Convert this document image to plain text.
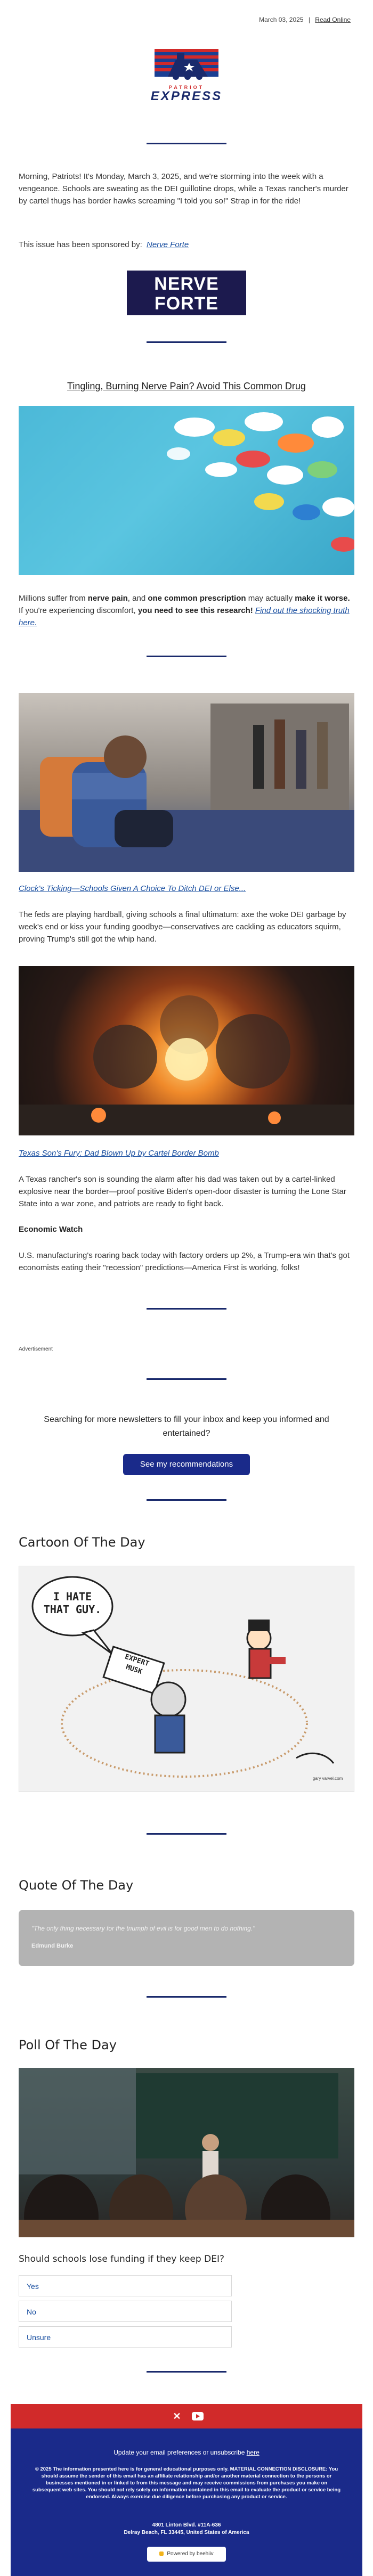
March 03, 2025 | Read Online
PATRIOT
EXPRESS

Morning, Patriots! It's Monday, March 3, 2025, and we're storming into the week with a vengeance. Schools are sweating as the DEI guillotine drops, while a Texas rancher's murder by cartel thugs has border hawks screaming "I told you so!" Strap in for the ride!

This issue has been sponsored by: Nerve Forte
NERVE
FORTE
Tingling, Burning Nerve Pain? Avoid This Common Drug

Millions suffer from nerve pain, and one common prescription may actually make it worse. If you're experiencing discomfort, you need to see this research! Find out the shocking truth here.

Clock's Ticking—Schools Given A Choice To Ditch DEI or Else...

The feds are playing hardball, giving schools a final ultimatum: axe the woke DEI garbage by week's end or kiss your funding goodbye—conservatives are cackling as educators squirm, proving Trump's still got the whip hand.

Texas Son's Fury: Dad Blown Up by Cartel Border Bomb

A Texas rancher's son is sounding the alarm after his dad was taken out by a cartel-linked explosive near the border—proof positive Biden's open-door disaster is turning the Lone Star State into a war zone, and patriots are ready to fight back.

Economic Watch

U.S. manufacturing's roaring back today with factory orders up 2%, a Trump-era win that's got economists eating their "recession" predictions—America First is working, folks!

Advertisement
Searching for more newsletters to fill your inbox and keep you informed and entertained?
See my recommendations
Cartoon Of The Day
I HATE THAT GUY.
EXPERT MUSK
gary varvel.com
Quote Of The Day
"The only thing necessary for the triumph of evil is for good men to do nothing."
Edmund Burke
Poll Of The Day
Should schools lose funding if they keep DEI?
Yes
No
Unsure
✕
Update your email preferences or unsubscribe here
© 2025 The information presented here is for general educational purposes only. MATERIAL CONNECTION DISCLOSURE: You should assume the sender of this email has an affiliate relationship and/or another material connection to the persons or businesses mentioned in or linked to from this message and may receive commissions from purchases you make on subsequent web sites. You should not rely solely on information contained in this email to evaluate the product or service being endorsed. Always exercise due diligence before purchasing any product or service.
4801 Linton Blvd. #11A-636
Delray Beach, FL 33445, United States of America
Powered by beehiiv
